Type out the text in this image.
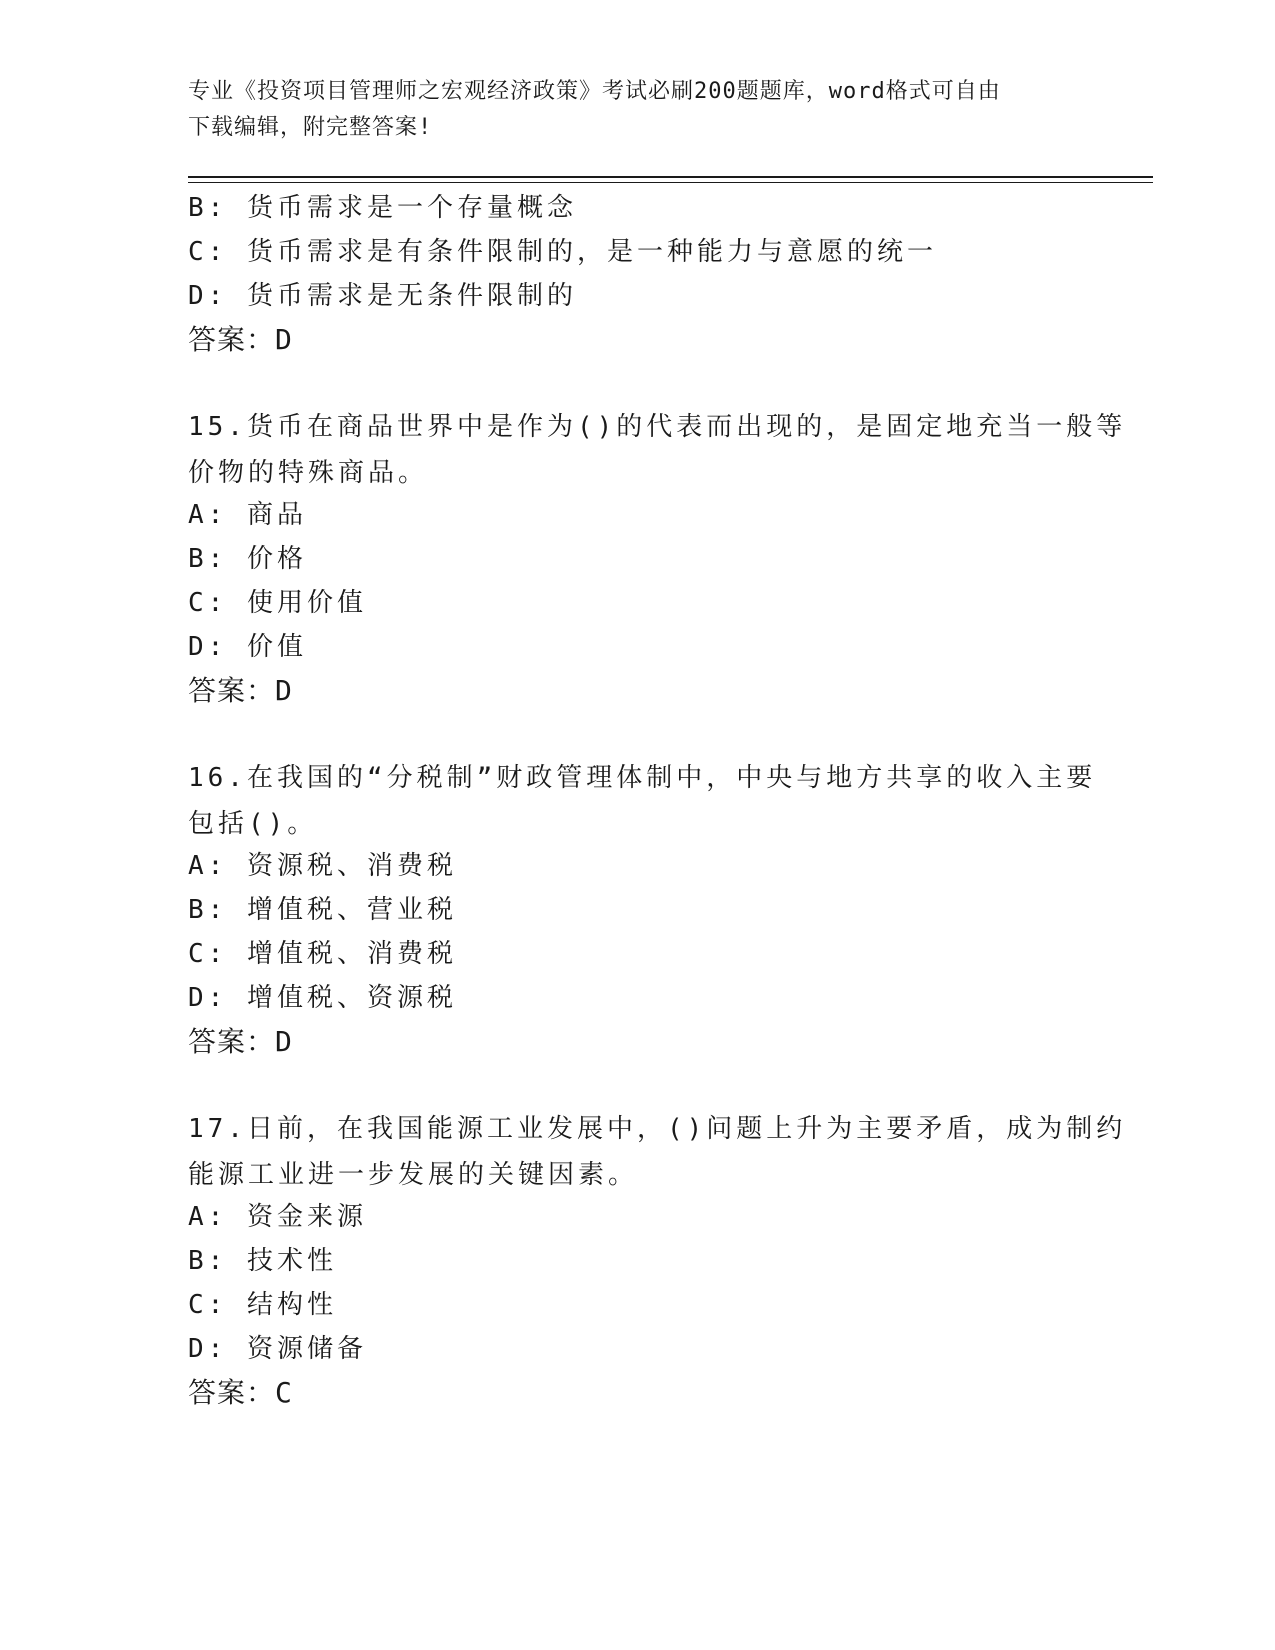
专业《投资项目管理师之宏观经济政策》考试必刷200题题库，word格式可自由
下载编辑，附完整答案!
B: 货币需求是一个存量概念
C: 货币需求是有条件限制的，是一种能力与意愿的统一
D: 货币需求是无条件限制的
答案：D
15.货币在商品世界中是作为()的代表而出现的，是固定地充当一般等
价物的特殊商品。
A: 商品
B: 价格
C: 使用价值
D: 价值
答案：D
16.在我国的“分税制”财政管理体制中，中央与地方共享的收入主要
包括()。
A: 资源税、消费税
B: 增值税、营业税
C: 增值税、消费税
D: 增值税、资源税
答案：D
17.日前，在我国能源工业发展中，()问题上升为主要矛盾，成为制约
能源工业进一步发展的关键因素。
A: 资金来源
B: 技术性
C: 结构性
D: 资源储备
答案：C
